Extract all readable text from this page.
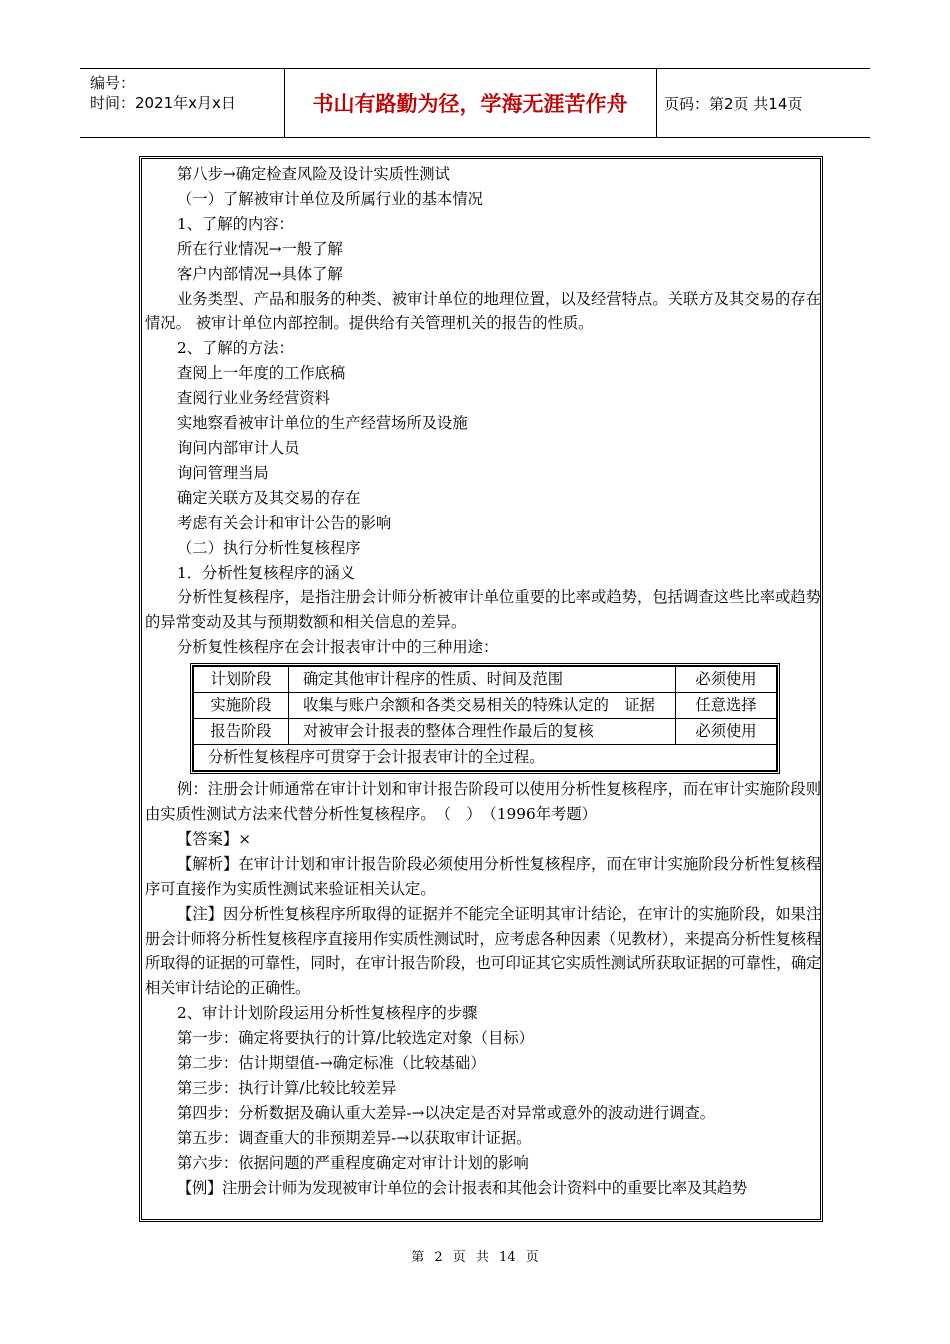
编号：
时间：2021年x月x日	书山有路勤为径，学海无涯苦作舟	页码：第2页 共14页

第八步→确定检查风险及设计实质性测试

（一）了解被审计单位及所属行业的基本情况

1、了解的内容：

所在行业情况→一般了解

客户内部情况→具体了解

业务类型、产品和服务的种类、被审计单位的地理位置，以及经营特点。关联方及其交易的存在情况。 被审计单位内部控制。提供给有关管理机关的报告的性质。

2、了解的方法：

查阅上一年度的工作底稿

查阅行业业务经营资料

实地察看被审计单位的生产经营场所及设施

询问内部审计人员

询问管理当局

确定关联方及其交易的存在

考虑有关会计和审计公告的影响

（二）执行分析性复核程序

1．分析性复核程序的涵义

分析性复核程序，是指注册会计师分析被审计单位重要的比率或趋势，包括调查这些比率或趋势的异常变动及其与预期数额和相关信息的差异。

分析复性核程序在会计报表审计中的三种用途：

计划阶段	确定其他审计程序的性质、时间及范围	必须使用
实施阶段	收集与账户余额和各类交易相关的特殊认定的　证据	任意选择
报告阶段	对被审会计报表的整体合理性作最后的复核	必须使用
分析性复核程序可贯穿于会计报表审计的全过程。		

例：注册会计师通常在审计计划和审计报告阶段可以使用分析性复核程序，而在审计实施阶段则由实质性测试方法来代替分析性复核程序。　（　）　（1996年考题）

【答案】×

【解析】在审计计划和审计报告阶段必须使用分析性复核程序，而在审计实施阶段分析性复核程序可直接作为实质性测试来验证相关认定。

【注】因分析性复核程序所取得的证据并不能完全证明其审计结论，在审计的实施阶段，如果注册会计师将分析性复核程序直接用作实质性测试时，应考虑各种因素（见教材），来提高分析性复核程所取得的证据的可靠性，同时，在审计报告阶段，也可印证其它实质性测试所获取证据的可靠性，确定相关审计结论的正确性。

2、审计计划阶段运用分析性复核程序的步骤

第一步：确定将要执行的计算/比较选定对象（目标）

第二步：估计期望值-→确定标准（比较基础）

第三步：执行计算/比较比较差异

第四步：分析数据及确认重大差异-→以决定是否对异常或意外的波动进行调查。

第五步：调查重大的非预期差异-→以获取审计证据。

第六步：依据问题的严重程度确定对审计计划的影响

【例】注册会计师为发现被审计单位的会计报表和其他会计资料中的重要比率及其趋势

第 2 页 共 14 页
